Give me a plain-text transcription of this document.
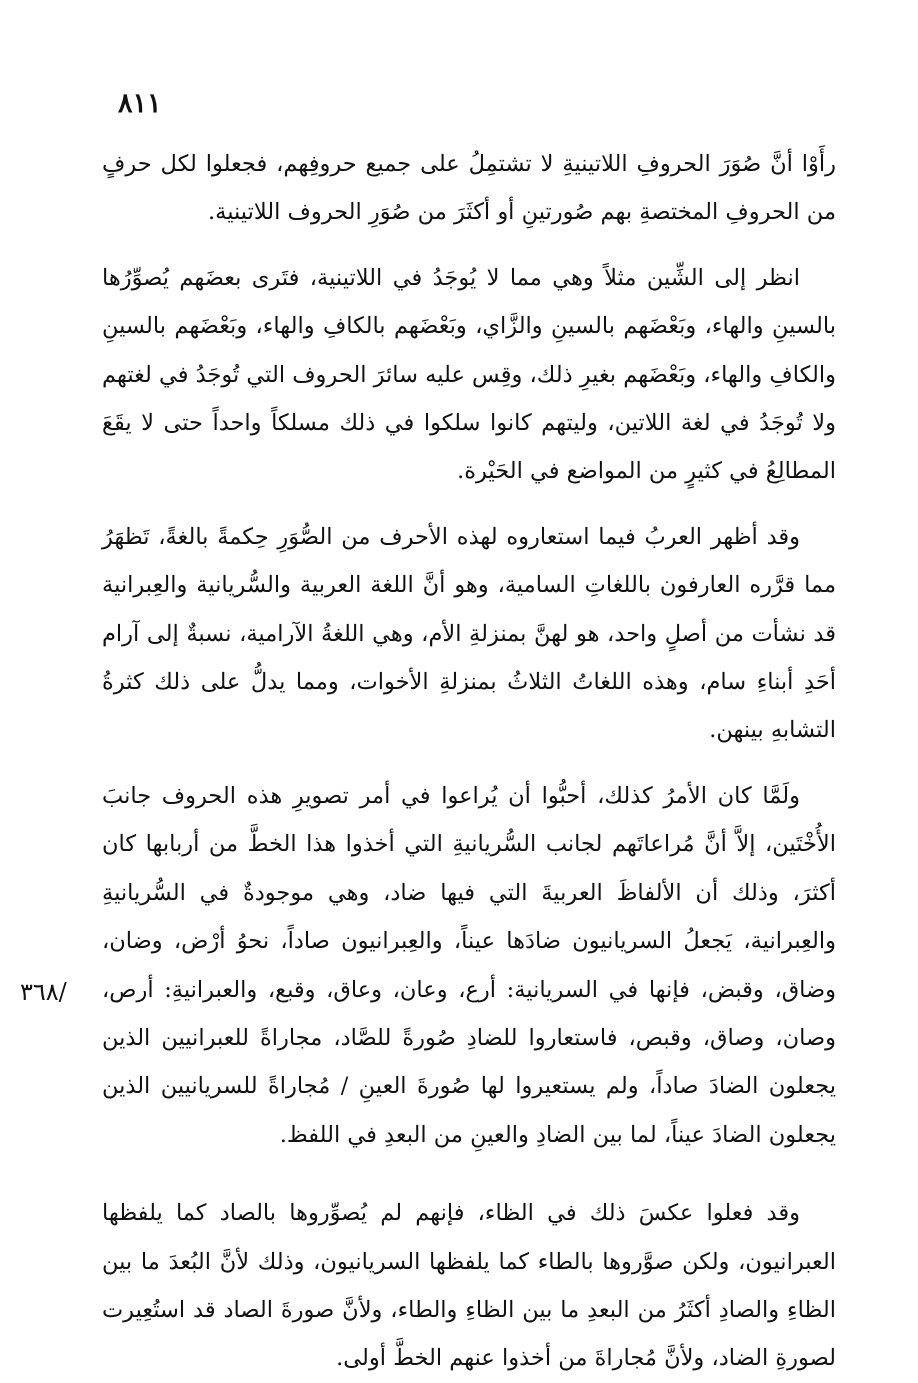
٨١١
/٣٦٨

رأَوْا أنَّ صُوَرَ الحروفِ اللاتينيةِ لا تشتمِلُ على جميع حروفِهم، فجعلوا لكل حرفٍ من الحروفِ المختصةِ بهم صُورتينِ أو أكثَرَ من صُوَرِ الحروف اللاتينية.

انظر إلى الشِّين مثلاً وهي مما لا يُوجَدُ في اللاتينية، فتَرى بعضَهم يُصوِّرُها بالسينِ والهاء، وبَعْضَهم بالسينِ والزَّاي، وبَعْضَهم بالكافِ والهاء، وبَعْضَهم بالسينِ والكافِ والهاء، وبَعْضَهم بغيرِ ذلك، وقِس عليه سائرَ الحروف التي تُوجَدُ في لغتهم ولا تُوجَدُ في لغة اللاتين، وليتهم كانوا سلكوا في ذلك مسلكاً واحداً حتى لا يقَعَ المطالِعُ في كثيرٍ من المواضع في الحَيْرة.

وقد أظهر العربُ فيما استعاروه لهذه الأحرف من الصُّوَرِ حِكمةً بالغةً، تَظهَرُ مما قرَّره العارفون باللغاتِ السامية، وهو أنَّ اللغة العربية والسُّريانية والعِبرانية قد نشأت من أصلٍ واحد، هو لهنَّ بمنزلةِ الأم، وهي اللغةُ الآرامية، نسبةٌ إلى آرام أحَدِ أبناءِ سام، وهذه اللغاتُ الثلاثُ بمنزلةِ الأخوات، ومما يدلُّ على ذلك كثرةُ التشابهِ بينهن.

ولَمَّا كان الأمرُ كذلك، أحبُّوا أن يُراعوا في أمر تصويرِ هذه الحروف جانبَ الأُخْتَين، إلاَّ أنَّ مُراعاتَهم لجانب السُّريانيةِ التي أخذوا هذا الخطَّ من أربابها كان أكثرَ، وذلك أن الألفاظَ العربيةَ التي فيها ضاد، وهي موجودةٌ في السُّريانيةِ والعِبرانية، يَجعلُ السريانيون ضادَها عيناً، والعِبرانيون صاداً، نحوُ أرْض، وضان، وضاق، وقبض، فإنها في السريانية: أرع، وعان، وعاق، وقبع، والعبرانيةِ: أرص، وصان، وصاق، وقبص، فاستعاروا للضادِ صُورةً للصَّاد، مجاراةً للعبرانيين الذين يجعلون الضادَ صاداً، ولم يستعيروا لها صُورةَ العينِ / مُجاراةً للسريانيين الذين يجعلون الضادَ عيناً، لما بين الضادِ والعينِ من البعدِ في اللفظ.

وقد فعلوا عكسَ ذلك في الظاء، فإنهم لم يُصوِّروها بالصاد كما يلفظها العبرانيون، ولكن صوَّروها بالطاء كما يلفظها السريانيون، وذلك لأنَّ البُعدَ ما بين الظاءِ والصادِ أكثَرُ من البعدِ ما بين الظاءِ والطاء، ولأنَّ صورةَ الصاد قد استُعِيرت لصورةِ الضاد، ولأنَّ مُجاراةَ من أخذوا عنهم الخطَّ أولى.
